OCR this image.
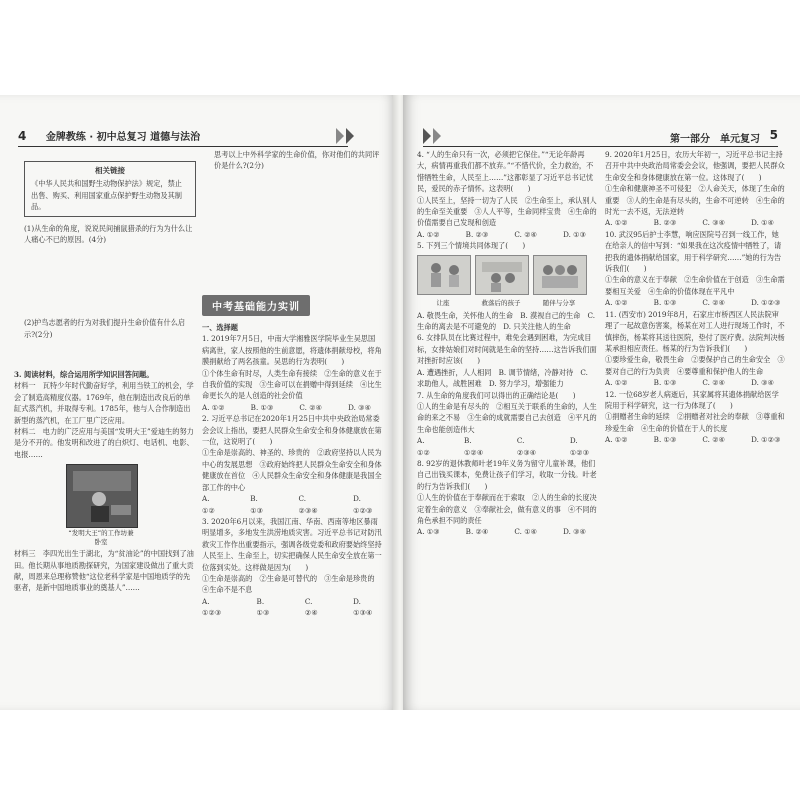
4 金牌教练 · 初中总复习 道德与法治
相关链接
《中华人民共和国野生动物保护法》规定，禁止出售、购买、利用国家重点保护野生动物及其制品。
(1)从生命的角度，说说民间捕鼠猎杀的行为为什么让人痛心不已的原因。(4分)
(2)护鸟志愿者的行为对我们提升生命价值有什么启示?(2分)
思考以上中外科学家的生命价值，你对他们的共同评价是什么?(2分)
3. 阅读材料，综合运用所学知识回答问题。
材料一　瓦特少年时代勤奋好学，利用当铁工的机会，学会了制造高精度仪器。1769年，他在制造出改良后的单缸式蒸汽机，并取得专利。1785年，他与人合作制造出新型的蒸汽机，在工厂里广泛应用。
材料二　电力的广泛应用与美国“发明大王”爱迪生的努力是分不开的。他发明和改进了的白炽灯、电话机、电影、电报……
“发明大王”的工作坊兼卧室
材料三　李四光出生于湖北，为“贫油论”的中国找到了油田。他长期从事地质勘探研究，为国家建设做出了重大贡献，周恩来总理称赞他“这位老科学家是中国地质学的先驱者，是新中国地质事业的奠基人”……
中考基础能力实训
一、选择题
1. 2019年7月5日，中南大学湘雅医学院毕业生吴思国病离世，家人按照他的生前意愿，将遗体捐献母校，将角膜捐献给了两名孩童。吴思的行为表明(　　)
①个体生命有时尽，人类生命有接续　②生命的意义在于自我价值的实现　③生命可以在捐赠中得到延续　④比生命更长久的是人创造的社会价值
A. ①②	B. ①③	C. ②④	D. ③④
2. 习近平总书记在2020年1月25日中共中央政治局常委会会议上指出，要把人民群众生命安全和身体健康放在第一位，这说明了(　　)
①生命是崇高的、神圣的、珍贵的　②政府坚持以人民为中心的发展思想　③政府始终把人民群众生命安全和身体健康放在首位　④人民群众生命安全和身体健康是我国全部工作的中心
A. ①②
B. ①③
C. ②③④
D. ①②③
3. 2020年6月以来，我国江南、华南、西南等地区暴雨明显增多，多地发生洪涝地质灾害。习近平总书记对防汛救灾工作作出重要指示，强调各级党委和政府要始终坚持人民至上、生命至上，切实把确保人民生命安全放在第一位落到实处。这样做是因为(　　)
①生命是崇高的　②生命是可替代的　③生命是珍贵的　④生命不是不息
A. ①②③
B. ①③
C. ②④
D. ①③④
第一部分　单元复习 5
4. “人的生命只有一次，必须把它保住。”“无论年龄再大，病情再重我们都不放弃。”“不惜代价，全力救治，不惜牺牲生命，人民至上……”这都彰显了习近平总书记忧民，爱民的赤子情怀。这表明(　　)
①人民至上，坚持一切为了人民　②生命至上，承认别人的生命至关重要　③人人平等，生命同样宝贵　④生命的价值需要自己发现和创造
A. ①②	B. ②③	C. ②④	D. ①③
5. 下列三个情境共同体现了(　　)
让座	救落后的孩子	随伴与分享
A. 敬畏生命，关怀他人的生命　B. 漠视自己的生命　C. 生命的离去是不可避免的　D. 只关注他人的生命
6. 女排队员在比赛过程中，难免会遇到困难，为完成目标，女排姑娘们对时间就是生命的坚持……这告诉我们面对挫折时应该(　　)
A. 遭遇挫折，人人相同　B. 调节情绪，冷静对待　C. 求助他人，战胜困难　D. 努力学习，增强能力
7. 从生命的角度我们可以得出的正确结论是(　　)
①人的生命是有尽头的　②相互关于联系的生命的，人生命的来之不易　③生命的成就需要自己去创造　④平凡的生命也能创造伟大
A. ①②
B. ①②④
C. ②③④
D. ①②③
8. 92岁的退休教师叶老19年义务为留守儿童补课，他们自己出钱买课本，免费让孩子们学习，收取一分钱。叶老的行为告诉我们(　　)
①人生的价值在于奉献而在于索取　②人的生命的长度决定着生命的意义　③奉献社会，做有意义的事　④不同的角色承担不同的责任
A. ①③	B. ②④	C. ①④	D. ③④
9. 2020年1月25日，农历大年初一，习近平总书记主持召开中共中央政治局常委会会议，他强调，要把人民群众生命安全和身体健康放在第一位。这体现了(　　)
①生命和健康神圣不可侵犯　②人命关天，体现了生命的重要　③人的生命是有尽头的，生命不可逆转　④生命的时光一去不返，无法逆转
A. ①②	B. ②③	C. ③④	D. ①④
10. 武汉95后护士李慧，响应医院号召到一线工作，她在给亲人的信中写到：“如果我在这次疫情中牺牲了，请把我的遗体捐献给国家，用于科学研究……”她的行为告诉我们(　　)
①生命的意义在于奉献　②生命价值在于创造　③生命需要相互关爱　④生命的价值体现在平凡中
A. ①②	B. ①③	C. ②④	D. ①②③
11. (西安市) 2019年8月，石家庄市桥西区人民法院审理了一起故意伤害案，杨某在对工人进行现场工作时，不慎摔伤，杨某将其送往医院，垫付了医疗费。法院判决杨某承担相应责任。杨某的行为告诉我们(　　)
①要珍爱生命，敬畏生命　②要保护自己的生命安全　③要对自己的行为负责　④要尊重和保护他人的生命
A. ①②	B. ①③	C. ②④	D. ③④
12. 一位68岁老人病逝后，其家属将其遗体捐献给医学院用于科学研究，这一行为体现了(　　)
①捐赠者生命的延续　②捐赠者对社会的奉献　③尊重和珍爱生命　④生命的价值在于人的长度
A. ①②	B. ①③	C. ②④	D. ①②③
